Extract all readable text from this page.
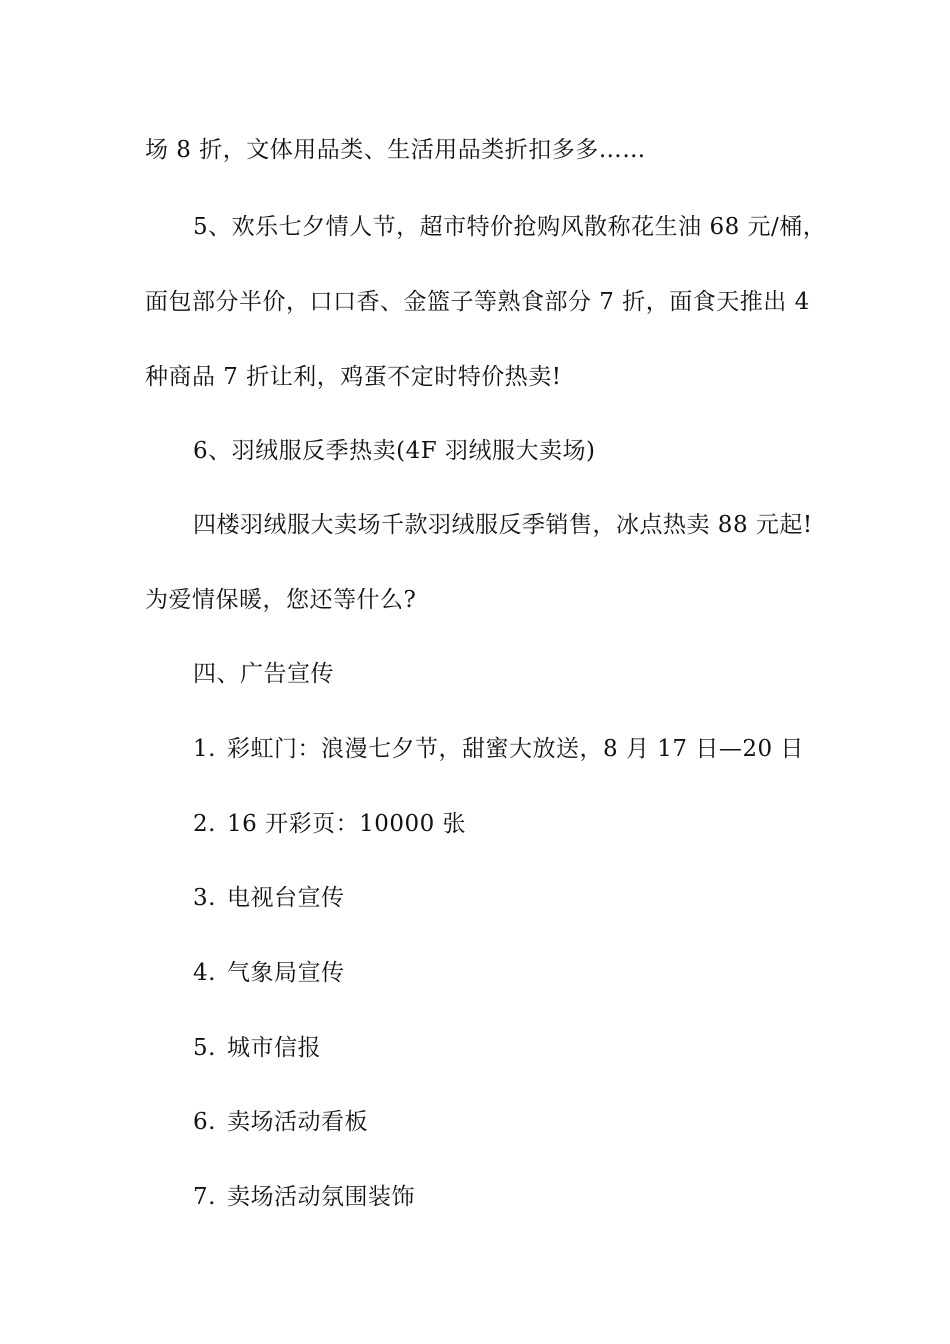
场 8 折，文体用品类、生活用品类折扣多多……
5、欢乐七夕情人节，超市特价抢购风散称花生油 68 元/桶，
面包部分半价，口口香、金篮子等熟食部分 7 折，面食天推出 4
种商品 7 折让利，鸡蛋不定时特价热卖!
6、羽绒服反季热卖(4F 羽绒服大卖场)
四楼羽绒服大卖场千款羽绒服反季销售，冰点热卖 88 元起!
为爱情保暖，您还等什么?
四、广告宣传
1. 彩虹门：浪漫七夕节，甜蜜大放送，8 月 17 日—20 日
2. 16 开彩页：10000 张
3. 电视台宣传
4. 气象局宣传
5. 城市信报
6. 卖场活动看板
7. 卖场活动氛围装饰
